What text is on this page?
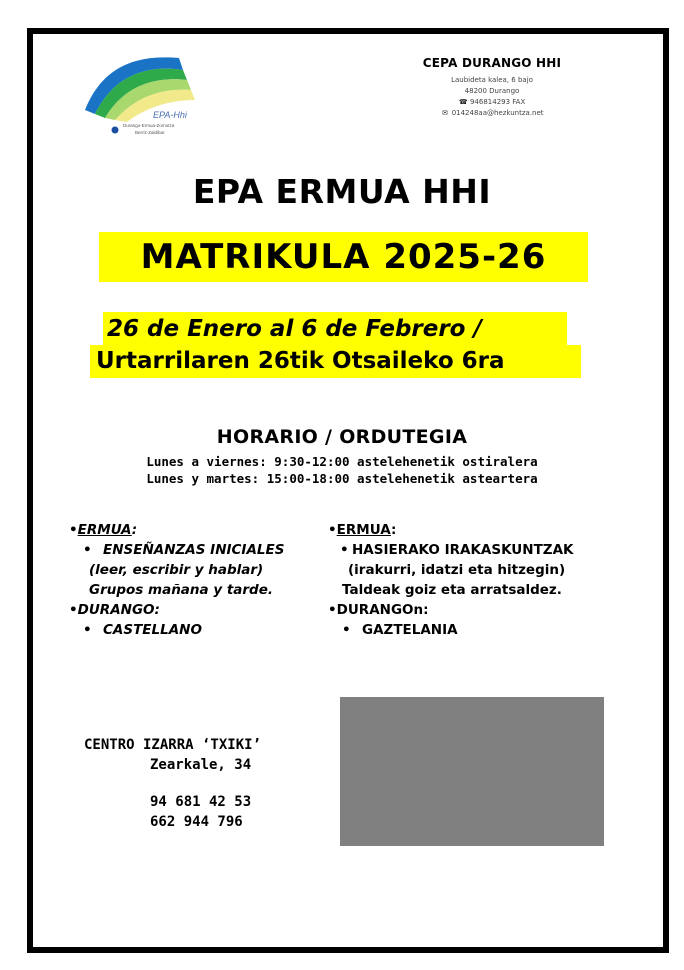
EPA-Hhi
Durango-Ermua-Zornotza
Berriz-Zaldibar
CEPA DURANGO HHI
Laubideta kalea, 6 bajo
48200 Durango
☎ 946814293 FAX
✉ 014248aa@hezkuntza.net
EPA ERMUA HHI
MATRIKULA 2025-26
26 de Enero al 6 de Febrero /
Urtarrilaren 26tik Otsaileko 6ra
HORARIO / ORDUTEGIA
Lunes a viernes: 9:30-12:00 astelehenetik ostiralera
Lunes y martes: 15:00-18:00 astelehenetik asteartera
•ERMUA:
• ENSEÑANZAS INICIALES
(leer, escribir y hablar)
Grupos mañana y tarde.
•DURANGO:
• CASTELLANO
•ERMUA:
• HASIERAKO IRAKASKUNTZAK
(irakurri, idatzi eta hitzegin)
Taldeak goiz eta arratsaldez.
•DURANGOn:
• GAZTELANIA
CENTRO IZARRA ‘TXIKI’
Zearkale, 34
94 681 42 53
662 944 796
